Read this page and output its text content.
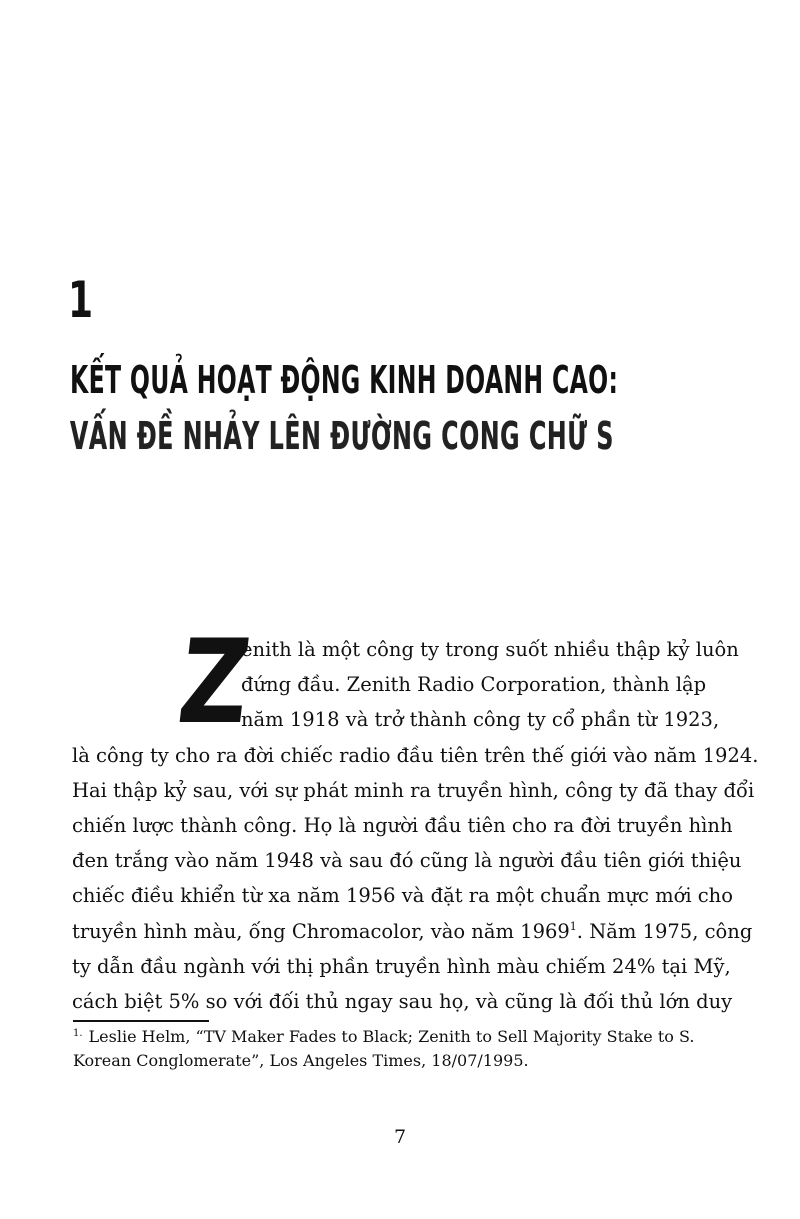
1
KẾT QUẢ HOẠT ĐỘNG KINH DOANH CAO:
VẤN ĐỀ NHẢY LÊN ĐƯỜNG CONG CHỮ S
Z
enith là một công ty trong suốt nhiều thập kỷ luôn
đứng đầu. Zenith Radio Corporation, thành lập
năm 1918 và trở thành công ty cổ phần từ 1923,
là công ty cho ra đời chiếc radio đầu tiên trên thế giới vào năm 1924.
Hai thập kỷ sau, với sự phát minh ra truyền hình, công ty đã thay đổi
chiến lược thành công. Họ là người đầu tiên cho ra đời truyền hình
đen trắng vào năm 1948 và sau đó cũng là người đầu tiên giới thiệu
chiếc điều khiển từ xa năm 1956 và đặt ra một chuẩn mực mới cho
truyền hình màu, ống Chromacolor, vào năm 1969$^1$. Năm 1975, công
ty dẫn đầu ngành với thị phần truyền hình màu chiếm 24% tại Mỹ,
cách biệt 5% so với đối thủ ngay sau họ, và cũng là đối thủ lớn duy
$^{1.}$ Leslie Helm, “TV Maker Fades to Black; Zenith to Sell Majority Stake to S.
Korean Conglomerate”, Los Angeles Times, 18/07/1995.
7
